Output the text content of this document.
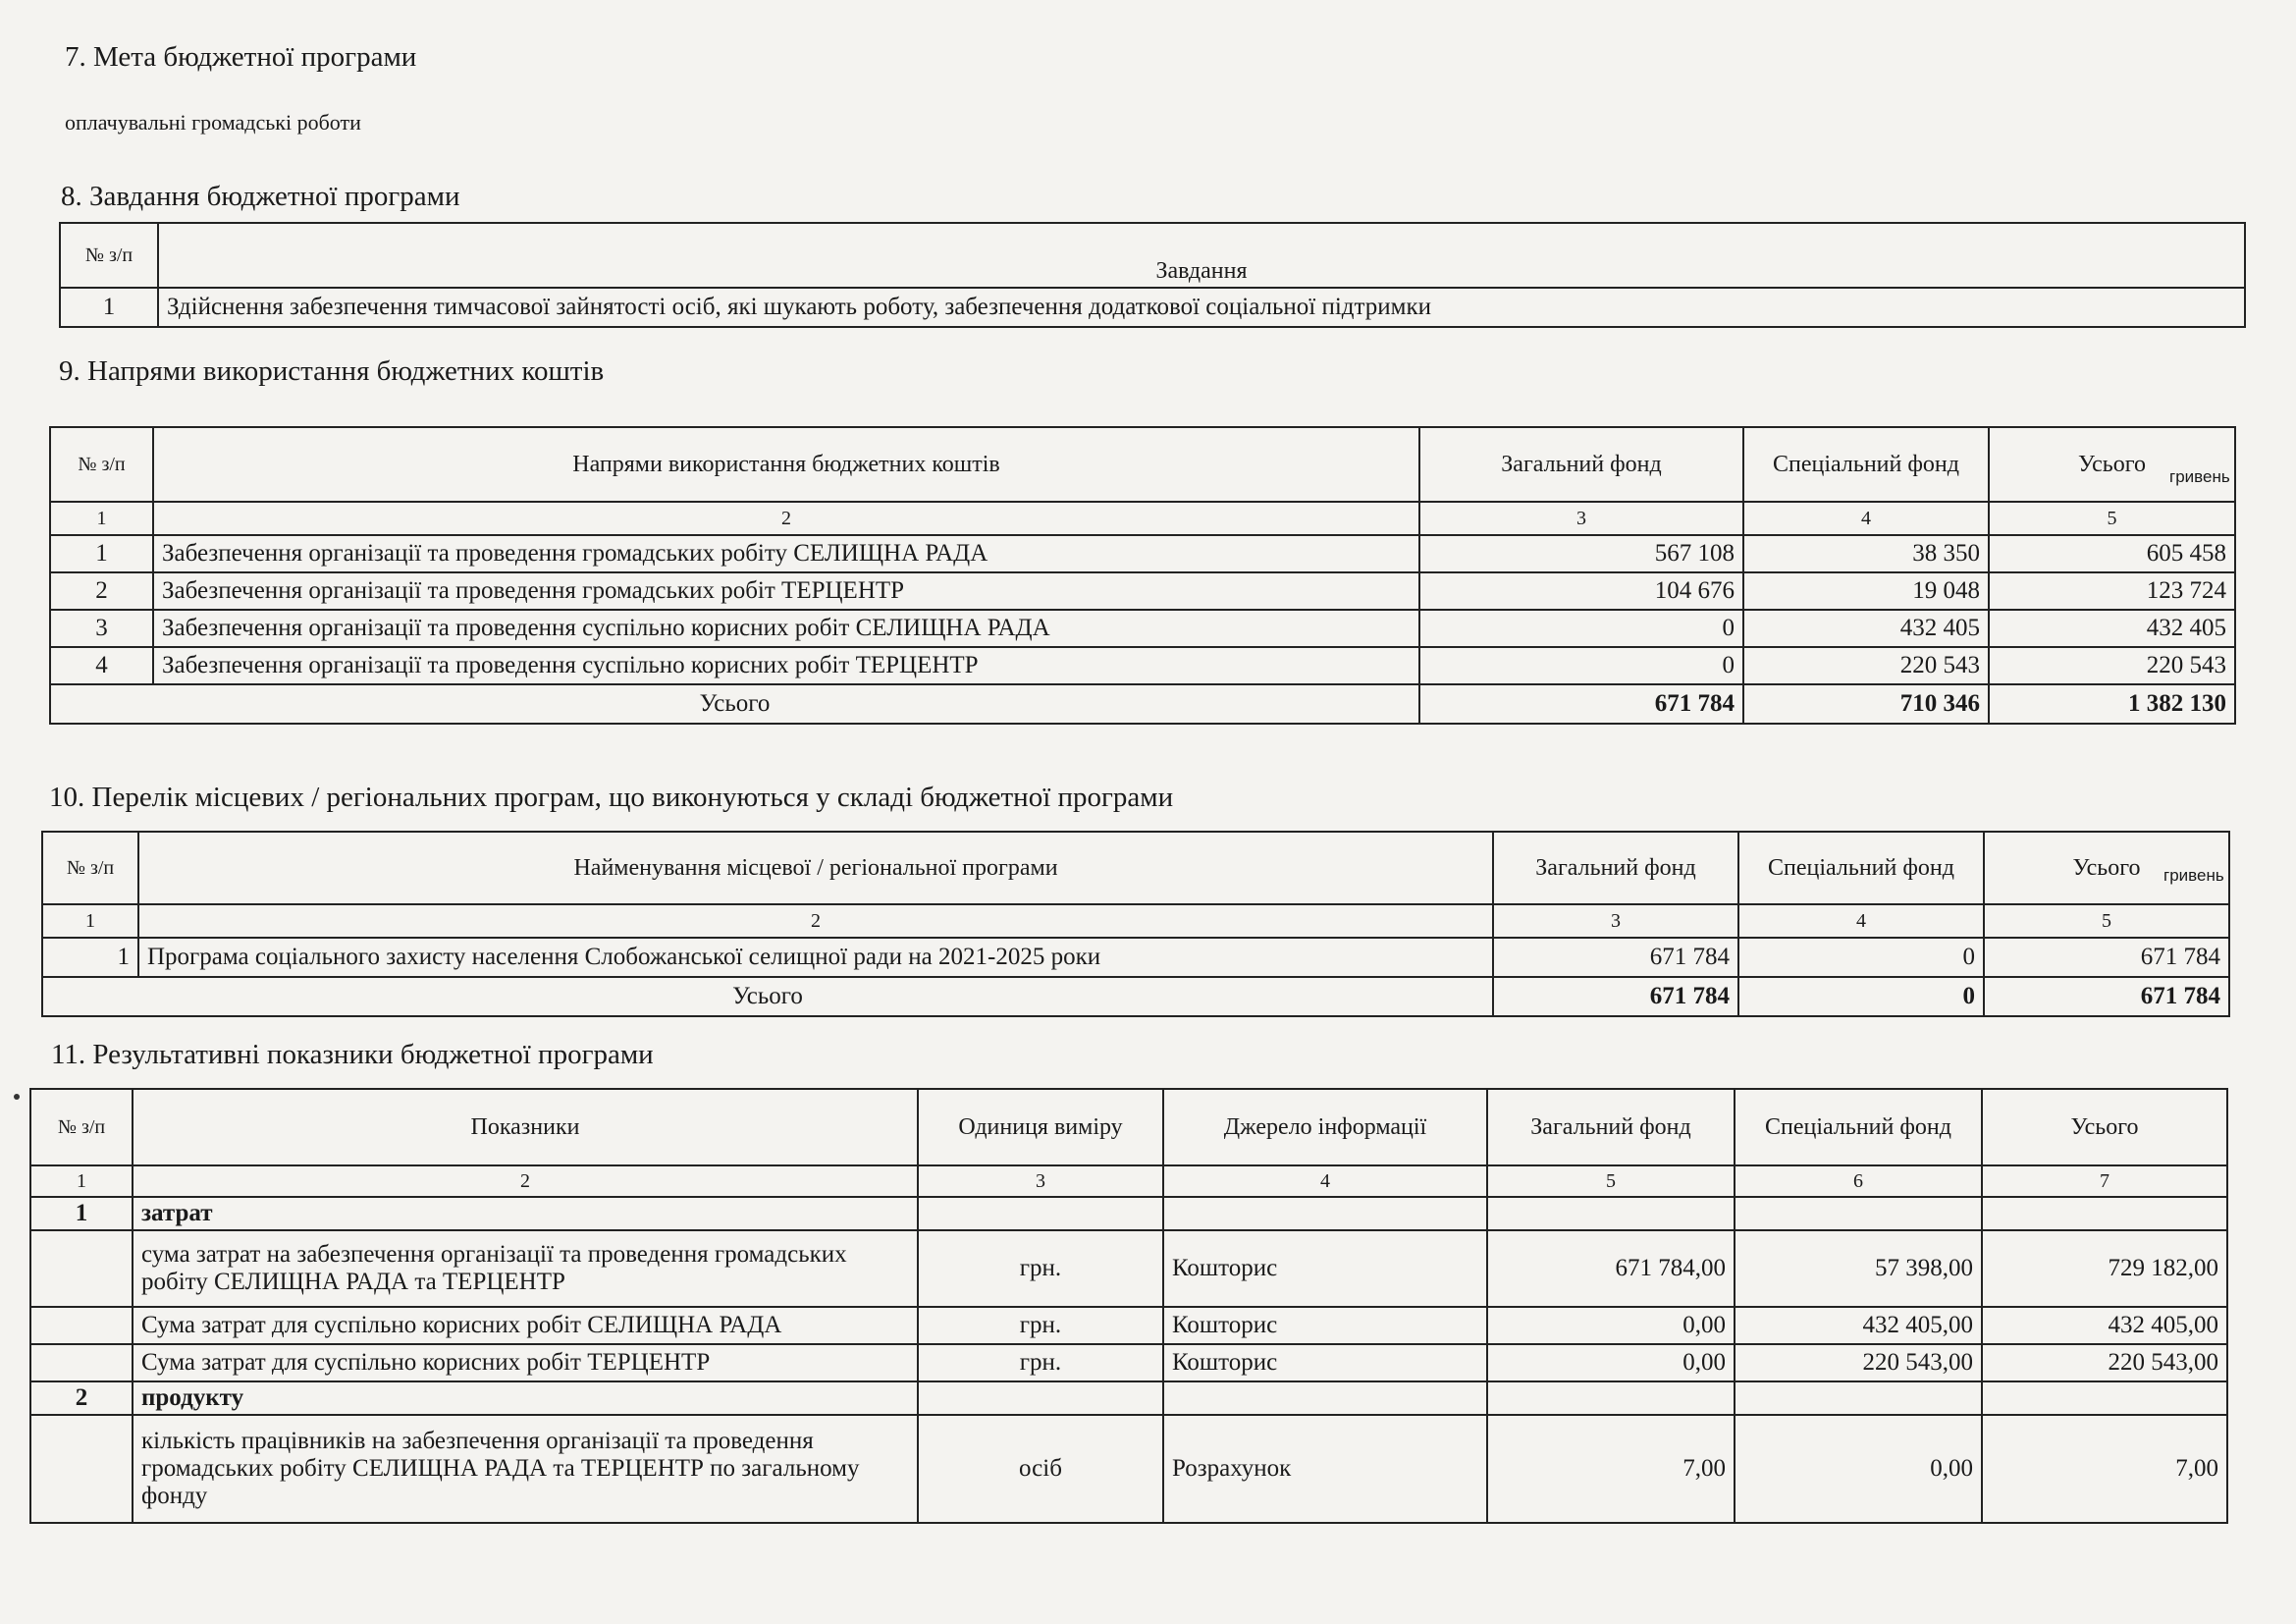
7. Мета бюджетної програми
оплачувальні громадські роботи
8. Завдання бюджетної програми
№ з/п	Завдання
1	Здійснення забезпечення тимчасової зайнятості осіб, які шукають роботу, забезпечення додаткової соціальної підтримки
9. Напрями використання бюджетних коштів
гривень
№ з/п	Напрями використання бюджетних коштів	Загальний фонд	Спеціальний фонд	Усього
1	2	3	4	5
1	Забезпечення організації та проведення громадських робіту СЕЛИЩНА РАДА	567 108	38 350	605 458
2	Забезпечення організації та проведення громадських робіт ТЕРЦЕНТР	104 676	19 048	123 724
3	Забезпечення організації та проведення суспільно корисних робіт СЕЛИЩНА РАДА	0	432 405	432 405
4	Забезпечення організації та проведення суспільно корисних робіт ТЕРЦЕНТР	0	220 543	220 543
Усього		671 784	710 346	1 382 130
10. Перелік місцевих / регіональних програм, що виконуються у складі бюджетної програми
гривень
№ з/п	Найменування місцевої / регіональної програми	Загальний фонд	Спеціальний фонд	Усього
1	2	3	4	5
1	Програма соціального захисту населення Слобожанської селищної ради на 2021-2025 роки	671 784	0	671 784
Усього		671 784	0	671 784
11. Результативні показники бюджетної програми
№ з/п	Показники	Одиниця виміру	Джерело інформації	Загальний фонд	Спеціальний фонд	Усього
1	2	3	4	5	6	7
1	затрат					
	сума затрат на забезпечення організації та проведення громадських робіту СЕЛИЩНА РАДА та ТЕРЦЕНТР	грн.	Кошторис	671 784,00	57 398,00	729 182,00
	Сума затрат для суспільно корисних робіт СЕЛИЩНА РАДА	грн.	Кошторис	0,00	432 405,00	432 405,00
	Сума затрат для суспільно корисних робіт ТЕРЦЕНТР	грн.	Кошторис	0,00	220 543,00	220 543,00
2	продукту					
	кількість працівників на забезпечення організації та проведення громадських робіту СЕЛИЩНА РАДА та ТЕРЦЕНТР по загальному фонду	осіб	Розрахунок	7,00	0,00	7,00
